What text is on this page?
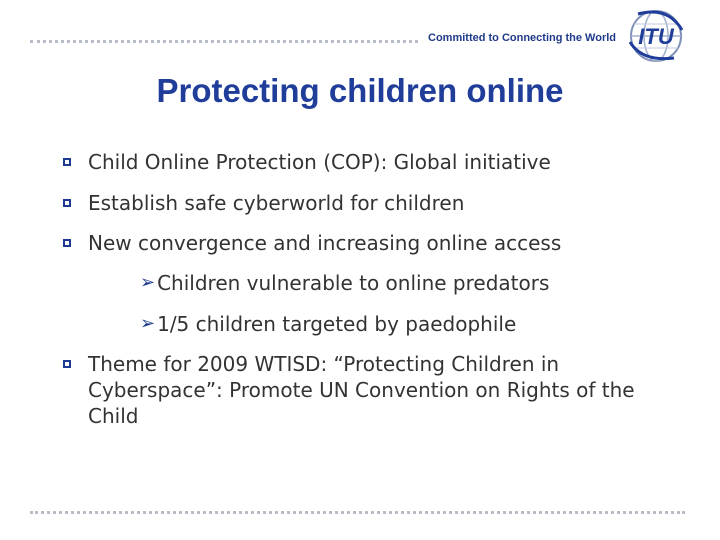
Committed to Connecting the World	ITU
Protecting children online
Child Online Protection (COP): Global initiative
Establish safe cyberworld for children
New convergence and increasing online access
➢ Children vulnerable to online predators
➢ 1/5 children targeted by paedophile
Theme for 2009 WTISD: “Protecting Children in Cyberspace”: Promote UN Convention on Rights of the Child
